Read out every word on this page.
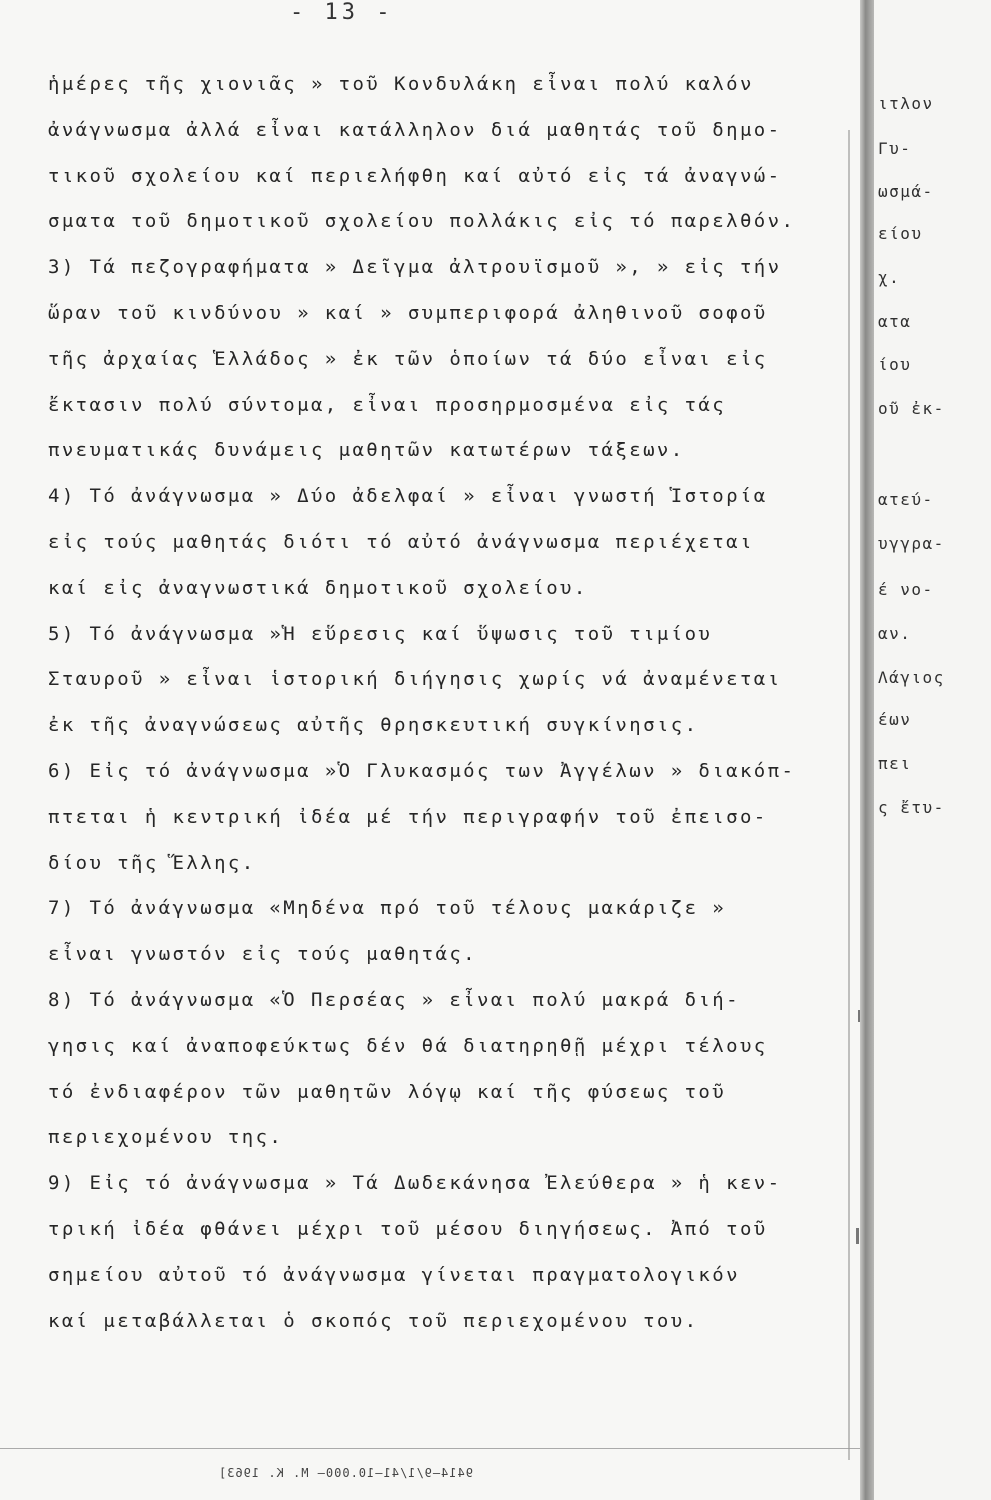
- 13 -
ἡμέρες τῆς χιονιᾶς » τοῦ Κονδυλάκη εἶναι πολύ καλόν
ἀνάγνωσμα ἀλλά εἶναι κατάλληλον διά μαθητάς τοῦ δημο-
τικοῦ σχολείου καί περιελήφθη καί αὐτό εἰς τά ἀναγνώ-
σματα τοῦ δημοτικοῦ σχολείου πολλάκις εἰς τό παρελθόν.
3) Τά πεζογραφήματα » Δεῖγμα ἀλτρουϊσμοῦ », » εἰς τήν
ὥραν τοῦ κινδύνου » καί » συμπεριφορά ἀληθινοῦ σοφοῦ
τῆς ἀρχαίας Ἑλλάδος » ἐκ τῶν ὁποίων τά δύο εἶναι εἰς
ἔκτασιν πολύ σύντομα, εἶναι προσηρμοσμένα εἰς τάς
πνευματικάς δυνάμεις μαθητῶν κατωτέρων τάξεων.
4) Τό ἀνάγνωσμα » Δύο ἀδελφαί » εἶναι γνωστή Ἱστορία
εἰς τούς μαθητάς διότι τό αὐτό ἀνάγνωσμα περιέχεται
καί εἰς ἀναγνωστικά δημοτικοῦ σχολείου.
5) Τό ἀνάγνωσμα »Ἡ εὕρεσις καί ὕψωσις τοῦ τιμίου
Σταυροῦ » εἶναι ἱστορική διήγησις χωρίς νά ἀναμένεται
ἐκ τῆς ἀναγνώσεως αὐτῆς θρησκευτική συγκίνησις.
6) Εἰς τό ἀνάγνωσμα »Ὁ Γλυκασμός των Ἀγγέλων » διακόπ-
πτεται ἡ κεντρική ἰδέα μέ τήν περιγραφήν τοῦ ἐπεισο-
δίου τῆς Ἕλλης.
7) Τό ἀνάγνωσμα «Μηδένα πρό τοῦ τέλους μακάριζε »
εἶναι γνωστόν εἰς τούς μαθητάς.
8) Τό ἀνάγνωσμα «Ὁ Περσέας » εἶναι πολύ μακρά διή-
γησις καί ἀναποφεύκτως δέν θά διατηρηθῇ μέχρι τέλους
τό ἐνδιαφέρον τῶν μαθητῶν λόγῳ καί τῆς φύσεως τοῦ
περιεχομένου της.
9) Εἰς τό ἀνάγνωσμα » Τά Δωδεκάνησα Ἐλεύθερα » ἡ κεν-
τρική ἰδέα φθάνει μέχρι τοῦ μέσου διηγήσεως. Ἀπό τοῦ
σημείου αὐτοῦ τό ἀνάγνωσμα γίνεται πραγματολογικόν
καί μεταβάλλεται ὁ σκοπός τοῦ περιεχομένου του.
9414—9/1/41—10.000— Μ. Κ. 1963]
ιτλον
Γυ-
ωσμά-
είου
χ.
ατα
ίου
οῦ ἐκ-
ατεύ-
υγγρα-
έ νο-
αν.
Λάγιος
έων
πει
ς ἔτυ-
